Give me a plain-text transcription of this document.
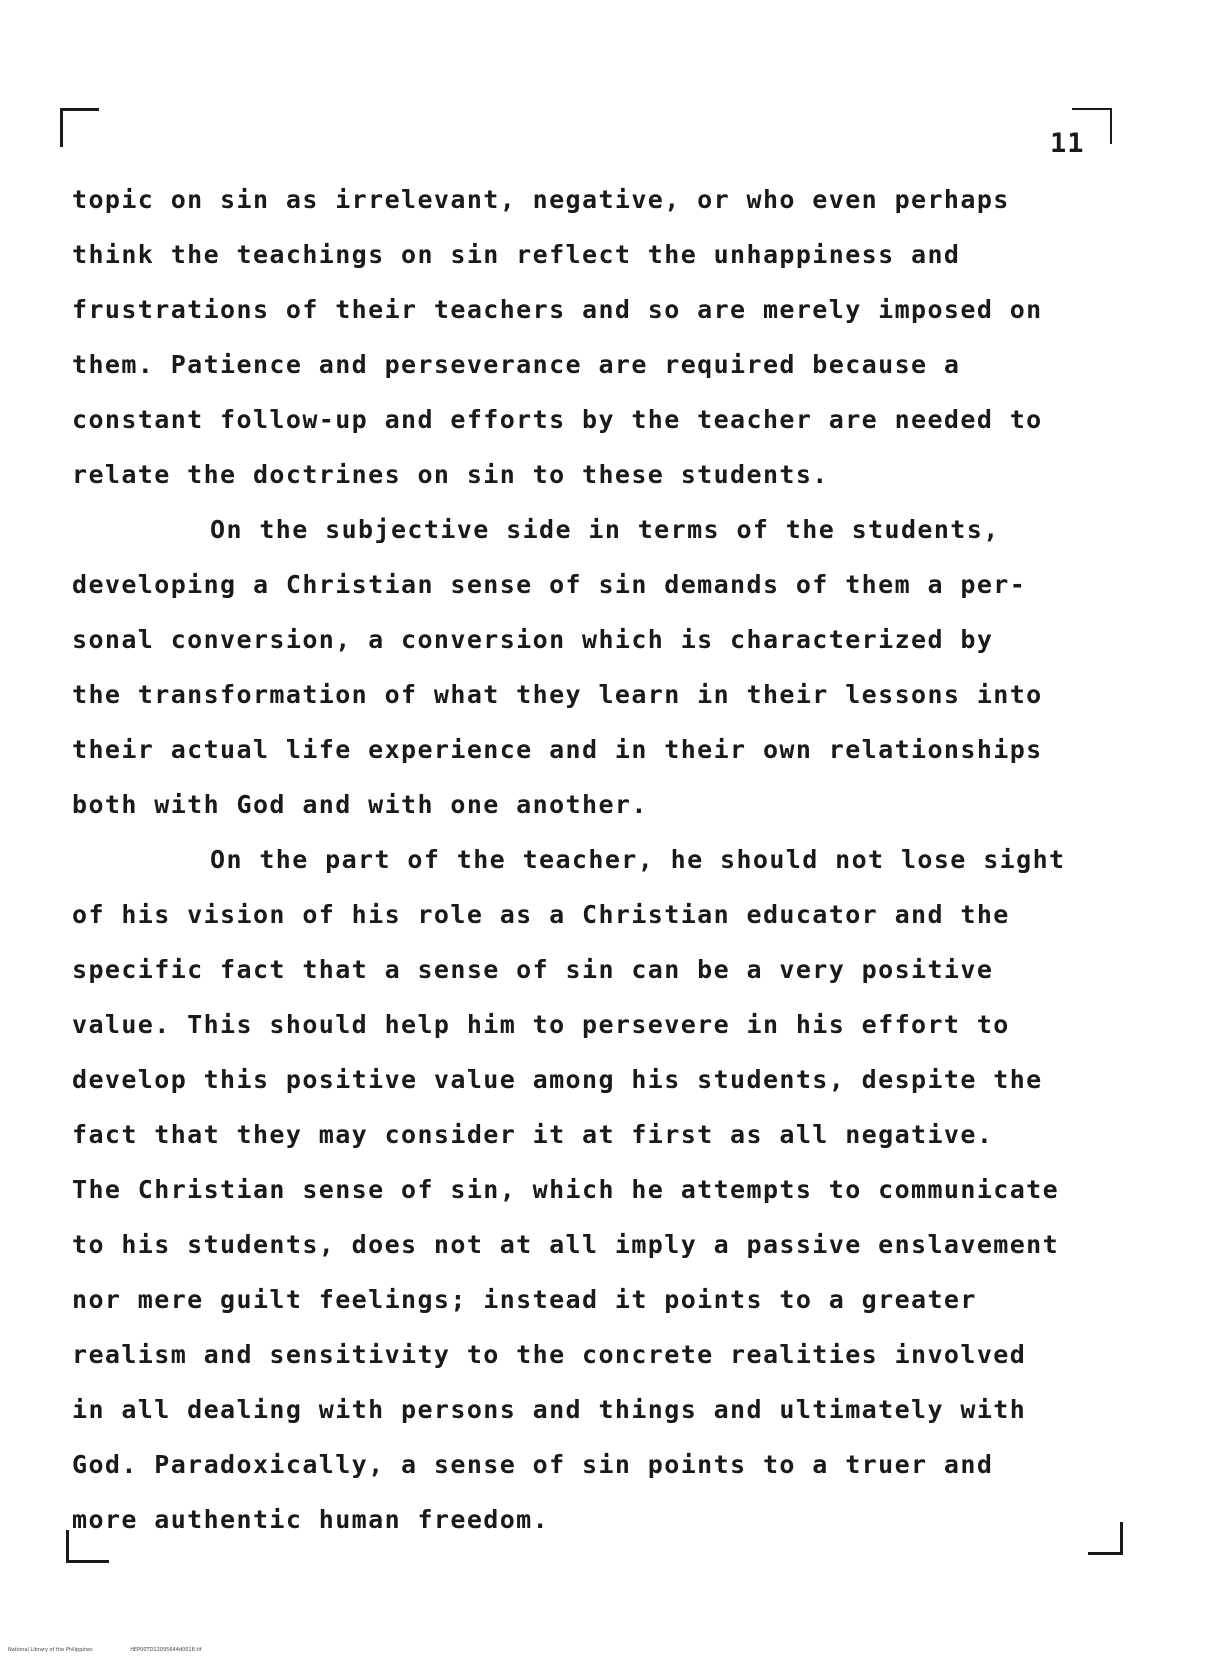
11
topic on sin as irrelevant, negative, or who even perhaps
think the teachings on sin reflect the unhappiness and
frustrations of their teachers and so are merely imposed on
them. Patience and perseverance are required because a
constant follow-up and efforts by the teacher are needed to
relate the doctrines on sin to these students.
On the subjective side in terms of the students,
developing a Christian sense of sin demands of them a per-
sonal conversion, a conversion which is characterized by
the transformation of what they learn in their lessons into
their actual life experience and in their own relationships
both with God and with one another.
On the part of the teacher, he should not lose sight
of his vision of his role as a Christian educator and the
specific fact that a sense of sin can be a very positive
value. This should help him to persevere in his effort to
develop this positive value among his students, despite the
fact that they may consider it at first as all negative.
The Christian sense of sin, which he attempts to communicate
to his students, does not at all imply a passive enslavement
nor mere guilt feelings; instead it points to a greater
realism and sensitivity to the concrete realities involved
in all dealing with persons and things and ultimately with
God. Paradoxically, a sense of sin points to a truer and
more authentic human freedom.
National Library of the Philippines	HEP00TD12095644d0018.tif
